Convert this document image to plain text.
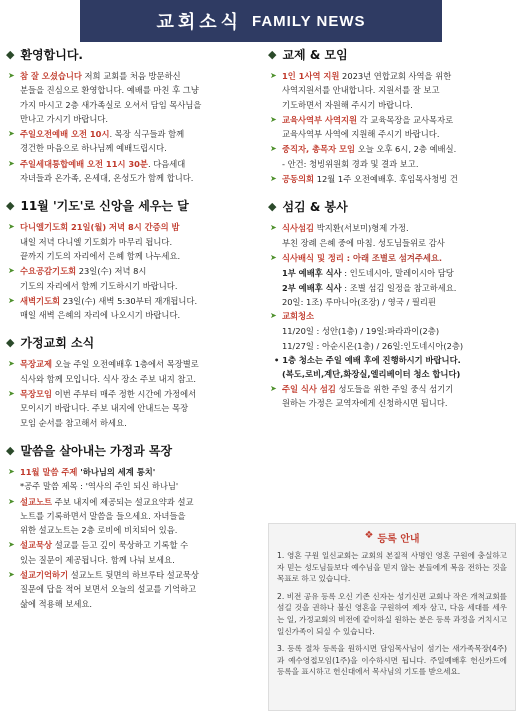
교회소식 FAMILY NEWS
◆ 환영합니다.
➤ 참 잘 오셨습니다 저희 교회를 처음 방문하신
분들을 진심으로 환영합니다. 예배를 마친 후 그냥
가지 마시고 2층 새가족실로 오셔서 담임 목사님을
만나고 가시기 바랍니다.
➤ 주일오전예배 오전 10시. 목장 식구들과 함께
경건한 마음으로 하나님께 예배드립시다.
➤ 주일세대통합예배 오전 11시 30분. 다음세대
자녀들과 온가족, 온세대, 온성도가 함께 합니다.
◆ 11월 '기도'로 신앙을 세우는 달
➤ 다니엘기도회 21일(월) 저녁 8시 간증의 밤
내일 저녁 다니엘 기도회가 마무리 됩니다.
끝까지 기도의 자리에서 은혜 함께 나누세요.
➤ 수요공감기도회 23일(수) 저녁 8시
기도의 자리에서 함께 기도하시기 바랍니다.
➤ 새벽기도회 23일(수) 새벽 5:30부터 재개됩니다.
매일 새벽 은혜의 자리에 나오시기 바랍니다.
◆ 가정교회 소식
➤ 목장교제 오늘 주일 오전예배후 1층에서 목장별로
식사와 함께 모입니다. 식사 장소 주보 내지 참고.
➤ 목장모임 이번 주부터 매주 정한 시간에 가정에서
모이시기 바랍니다. 주보 내지에 안내드는 목장
모임 순서를 참고해서 하세요.
◆ 말씀을 살아내는 가정과 목장
➤ 11월 말씀 주제 '하나님의 세계 통치'
*공주 말씀 제목 : '역사의 주인 되신 하나님'
➤ 설교노트 주보 내지에 제공되는 설교요약과 설교
노트를 기록하면서 말씀을 들으세요. 자녀들을
위한 설교노트는 2층 로비에 비치되어 있음.
➤ 설교묵상 설교를 듣고 깊이 묵상하고 기록할 수
있는 질문이 제공됩니다. 함께 나눠 보세요.
➤ 설교기억하기 설교노트 뒷면의 하브루타 설교묵상
질문에 답을 적어 보면서 오늘의 설교를 기억하고
삶에 적용해 보세요.
◆ 교제 & 모임
➤ 1인 1사역 지원 2023년 연합교회 사역을 위한
사역지원서를 안내합니다. 지원서를 잘 보고
기도하면서 자원해 주시기 바랍니다.
➤ 교육사역부 사역지원 각 교육목장을 교사목자로
교육사역부 사역에 지원해 주시기 바랍니다.
➤ 중직자, 총목자 모임 오늘 오후 6시, 2층 예배실.
- 안건: 청빙위원회 경과 및 결과 보고.
➤ 공동의회 12월 1주 오전예배후. 후임목사청빙 건
◆ 섬김 & 봉사
➤ 식사섬김 박지환(서보미)형제 가정.
부친 장례 은혜 중에 마침. 성도님들위로 감사
➤ 식사배식 및 정리 : 아래 조별로 섬겨주세요.
1부 예배후 식사 : 인도네시아, 말레이시아 담당
2부 예배후 식사 : 조별 섬김 일정을 참고하세요.
20일: 1조) 루마니아(조장) / 영국 / 필리핀
➤ 교회청소
11/20일 : 성안(1층) / 19일:파라과이(2층)
11/27일 : 아순시온(1층) / 26일:인도네시아(2층)
• 1층 청소는 주일 예배 후에 진행하시기 바랍니다.
(복도,로비,계단,화장실,엘리베이터 청소 합니다)
➤ 주일 식사 섬김 성도들을 위한 주일 중식 섬기기
원하는 가정은 교역자에게 신청하시면 됩니다.
❖ 등록 안내

1. 영혼 구원 일신교회는 교회의 본질적 사명인 영혼 구원에 충실하고자 믿는 성도님들보다 예수님을 믿지 않는 분들에게 복음 전하는 것을 목표로 하고 있습니다.

2. 비전 공유 등록 오신 기존 신자는 성기신편 교회나 작은 개척교회를 섬길 것을 권하나 불신 영혼을 구원하여 제자 삼고, 다음 세대를 세우는 일, 가정교회의 비전에 같이하실 원하는 분은 등록 과정을 거치시고 일신가족이 되실 수 있습니다.

3. 등록 절차 등록을 원하시면 담임목사님이 섬기는 새가족목장(4주)과 예수영접모임(1주)을 이수하시면 됩니다. 주일예배후 헌신카드에 등록을 표시하고 헌신대에서 목사님의 기도를 받으세요.
